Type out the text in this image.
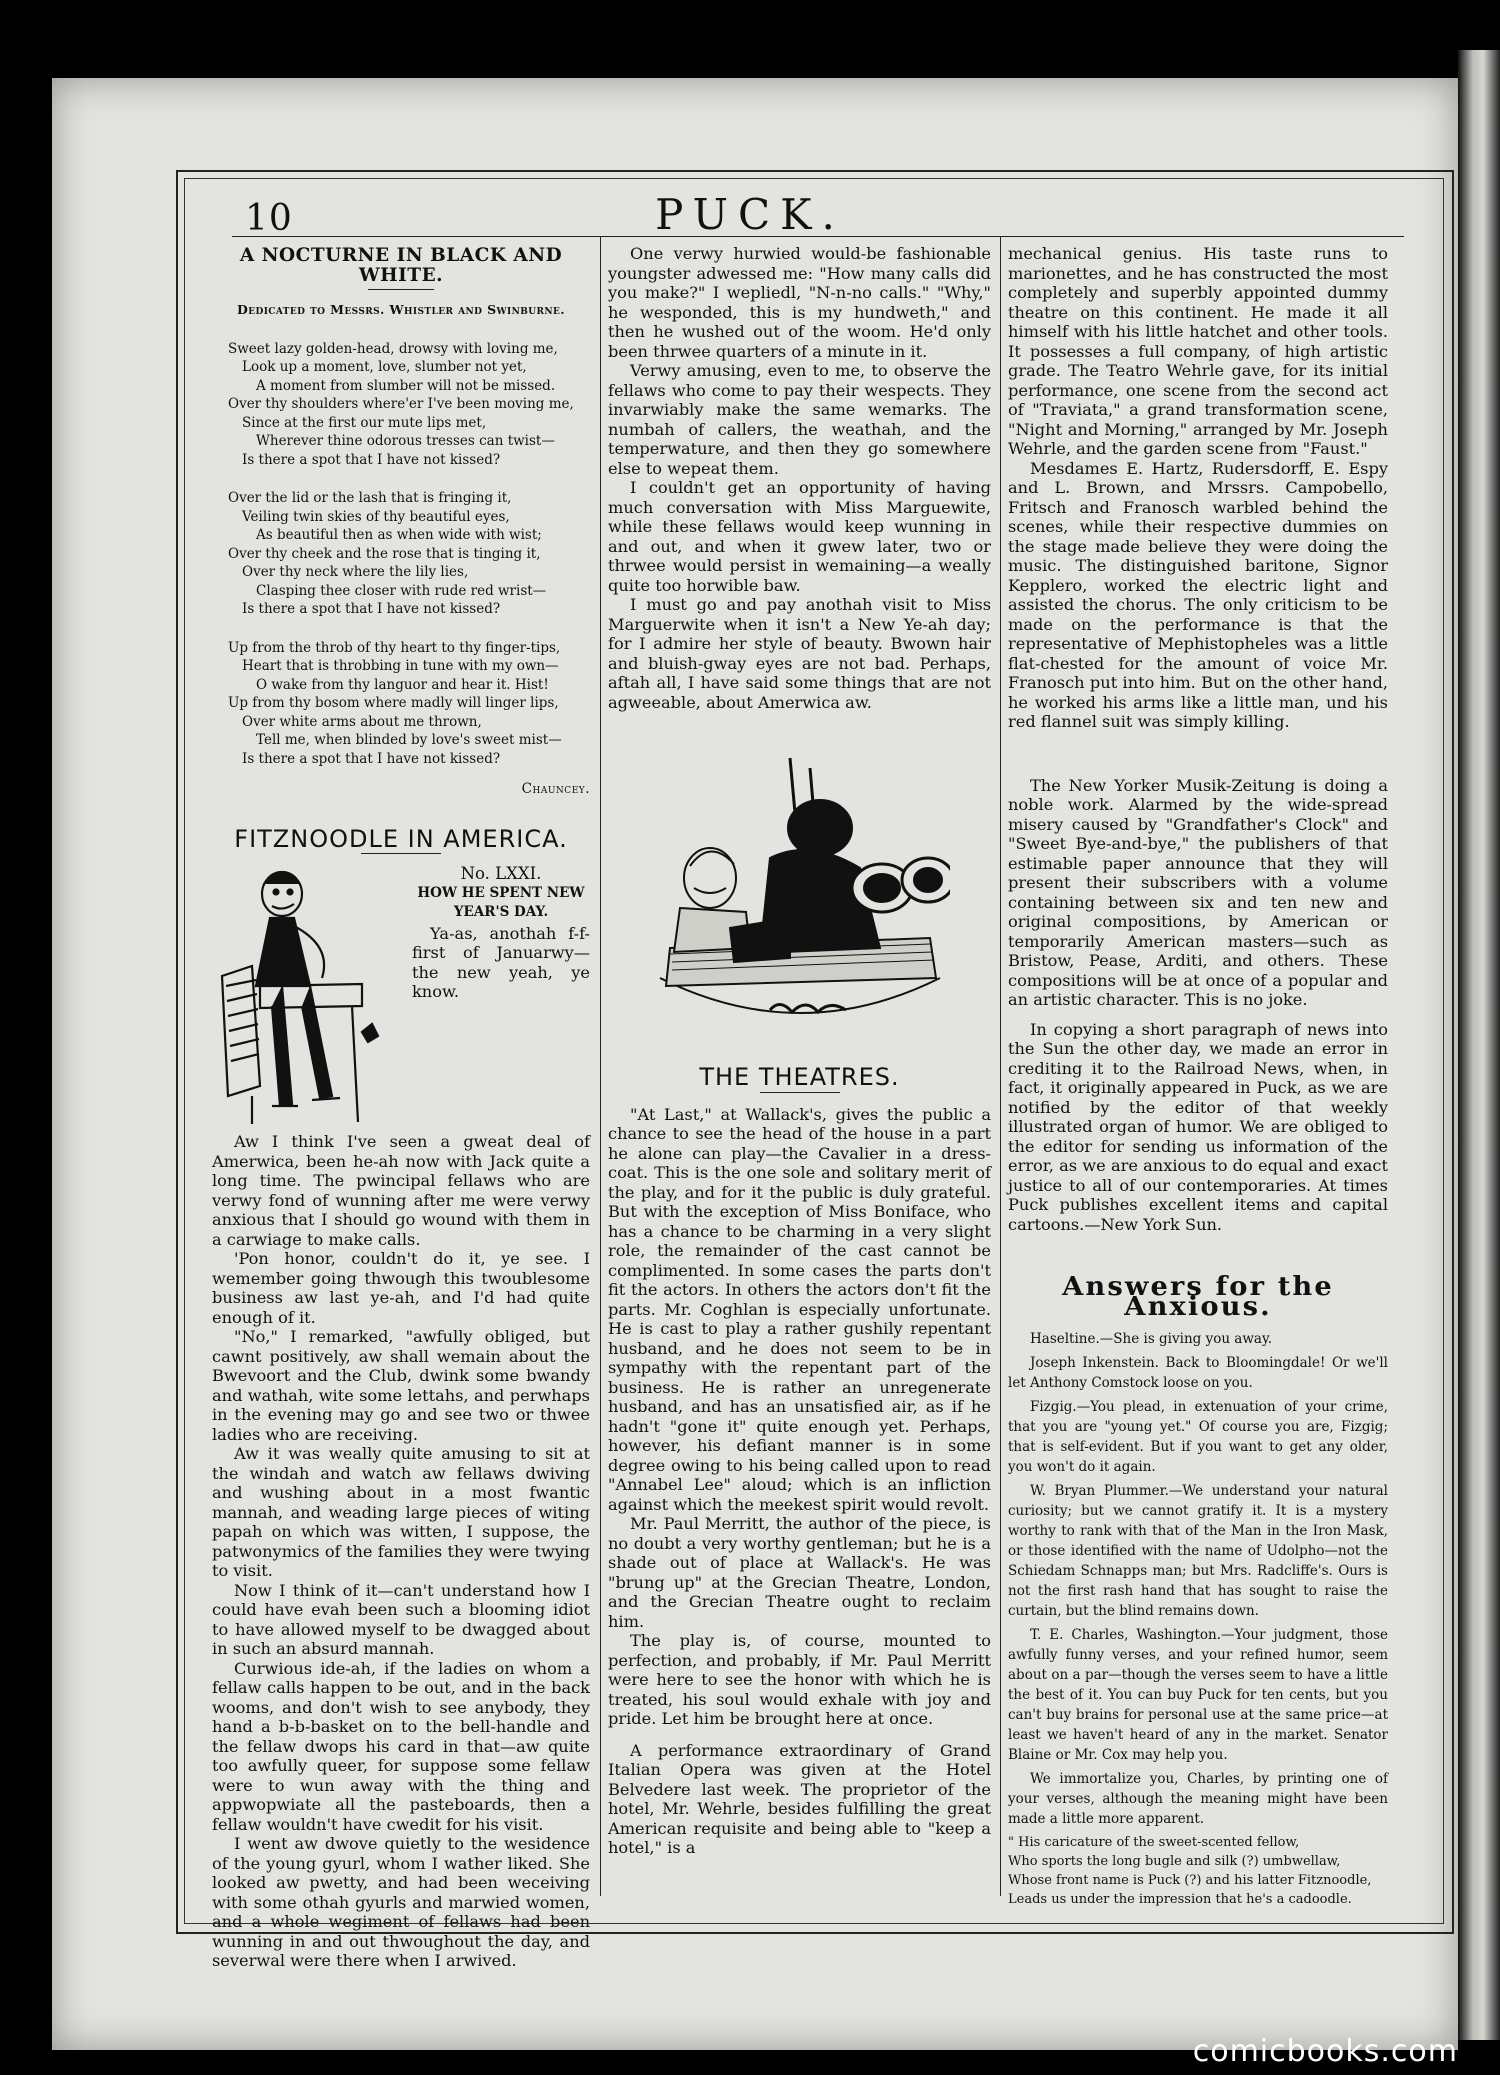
10	PUCK.
A NOCTURNE IN BLACK AND WHITE.
Dedicated to Messrs. Whistler and Swinburne.
Sweet lazy golden-head, drowsy with loving me,
Look up a moment, love, slumber not yet,
A moment from slumber will not be missed.
Over thy shoulders where'er I've been moving me,
Since at the first our mute lips met,
Wherever thine odorous tresses can twist—
Is there a spot that I have not kissed?
Over the lid or the lash that is fringing it,
Veiling twin skies of thy beautiful eyes,
As beautiful then as when wide with wist;
Over thy cheek and the rose that is tinging it,
Over thy neck where the lily lies,
Clasping thee closer with rude red wrist—
Is there a spot that I have not kissed?
Up from the throb of thy heart to thy finger-tips,
Heart that is throbbing in tune with my own—
O wake from thy languor and hear it. Hist!
Up from thy bosom where madly will linger lips,
Over white arms about me thrown,
Tell me, when blinded by love's sweet mist—
Is there a spot that I have not kissed?
Chauncey.
FITZNOODLE IN AMERICA.
No. LXXI.
HOW HE SPENT NEW YEAR'S DAY.

Ya-as, anothah f-f-first of Januarwy—the new yeah, ye know.

Aw I think I've seen a gweat deal of Amerwica, been he-ah now with Jack quite a long time. The pwincipal fellaws who are verwy fond of wunning after me were verwy anxious that I should go wound with them in a carwiage to make calls.

'Pon honor, couldn't do it, ye see. I wemember going thwough this twoublesome business aw last ye-ah, and I'd had quite enough of it.

"No," I remarked, "awfully obliged, but cawnt positively, aw shall wemain about the Bwevoort and the Club, dwink some bwandy and wathah, wite some lettahs, and perwhaps in the evening may go and see two or thwee ladies who are receiving.

Aw it was weally quite amusing to sit at the windah and watch aw fellaws dwiving and wushing about in a most fwantic mannah, and weading large pieces of witing papah on which was witten, I suppose, the patwonymics of the families they were twying to visit.

Now I think of it—can't understand how I could have evah been such a blooming idiot to have allowed myself to be dwagged about in such an absurd mannah.

Curwious ide-ah, if the ladies on whom a fellaw calls happen to be out, and in the back wooms, and don't wish to see anybody, they hand a b-b-basket on to the bell-handle and the fellaw dwops his card in that—aw quite too awfully queer, for suppose some fellaw were to wun away with the thing and appwopwiate all the pasteboards, then a fellaw wouldn't have cwedit for his visit.

I went aw dwove quietly to the wesidence of the young gyurl, whom I wather liked. She looked aw pwetty, and had been weceiving with some othah gyurls and marwied women, and a whole wegiment of fellaws had been wunning in and out thwoughout the day, and severwal were there when I arwived.

One verwy hurwied would-be fashionable youngster adwessed me: "How many calls did you make?" I wepliedl, "N-n-no calls." "Why," he wesponded, this is my hundweth," and then he wushed out of the woom. He'd only been thrwee quarters of a minute in it.

Verwy amusing, even to me, to observe the fellaws who come to pay their wespects. They invarwiably make the same wemarks. The numbah of callers, the weathah, and the temperwature, and then they go somewhere else to wepeat them.

I couldn't get an opportunity of having much conversation with Miss Marguewite, while these fellaws would keep wunning in and out, and when it gwew later, two or thrwee would persist in wemaining—a weally quite too horwible baw.

I must go and pay anothah visit to Miss Marguerwite when it isn't a New Ye-ah day; for I admire her style of beauty. Bwown hair and bluish-gway eyes are not bad. Perhaps, aftah all, I have said some things that are not agweeable, about Amerwica aw.

THE THEATRES.

"At Last," at Wallack's, gives the public a chance to see the head of the house in a part he alone can play—the Cavalier in a dress-coat. This is the one sole and solitary merit of the play, and for it the public is duly grateful. But with the exception of Miss Boniface, who has a chance to be charming in a very slight role, the remainder of the cast cannot be complimented. In some cases the parts don't fit the actors. In others the actors don't fit the parts. Mr. Coghlan is especially unfortunate. He is cast to play a rather gushily repentant husband, and he does not seem to be in sympathy with the repentant part of the business. He is rather an unregenerate husband, and has an unsatisfied air, as if he hadn't "gone it" quite enough yet. Perhaps, however, his defiant manner is in some degree owing to his being called upon to read "Annabel Lee" aloud; which is an infliction against which the meekest spirit would revolt.

Mr. Paul Merritt, the author of the piece, is no doubt a very worthy gentleman; but he is a shade out of place at Wallack's. He was "brung up" at the Grecian Theatre, London, and the Grecian Theatre ought to reclaim him.

The play is, of course, mounted to perfection, and probably, if Mr. Paul Merritt were here to see the honor with which he is treated, his soul would exhale with joy and pride. Let him be brought here at once.

A performance extraordinary of Grand Italian Opera was given at the Hotel Belvedere last week. The proprietor of the hotel, Mr. Wehrle, besides fulfilling the great American requisite and being able to "keep a hotel," is a

mechanical genius. His taste runs to marionettes, and he has constructed the most completely and superbly appointed dummy theatre on this continent. He made it all himself with his little hatchet and other tools. It possesses a full company, of high artistic grade. The Teatro Wehrle gave, for its initial performance, one scene from the second act of "Traviata," a grand transformation scene, "Night and Morning," arranged by Mr. Joseph Wehrle, and the garden scene from "Faust."

Mesdames E. Hartz, Rudersdorff, E. Espy and L. Brown, and Mrssrs. Campobello, Fritsch and Franosch warbled behind the scenes, while their respective dummies on the stage made believe they were doing the music. The distinguished baritone, Signor Kepplero, worked the electric light and assisted the chorus. The only criticism to be made on the performance is that the representative of Mephistopheles was a little flat-chested for the amount of voice Mr. Franosch put into him. But on the other hand, he worked his arms like a little man, und his red flannel suit was simply killing.

The New Yorker Musik-Zeitung is doing a noble work. Alarmed by the wide-spread misery caused by "Grandfather's Clock" and "Sweet Bye-and-bye," the publishers of that estimable paper announce that they will present their subscribers with a volume containing between six and ten new and original compositions, by American or temporarily American masters—such as Bristow, Pease, Arditi, and others. These compositions will be at once of a popular and an artistic character. This is no joke.

In copying a short paragraph of news into the Sun the other day, we made an error in crediting it to the Railroad News, when, in fact, it originally appeared in Puck, as we are notified by the editor of that weekly illustrated organ of humor. We are obliged to the editor for sending us information of the error, as we are anxious to do equal and exact justice to all of our contemporaries. At times Puck publishes excellent items and capital cartoons.—New York Sun.

Answers for the Anxious.

Haseltine.—She is giving you away.

Joseph Inkenstein. Back to Bloomingdale! Or we'll let Anthony Comstock loose on you.

Fizgig.—You plead, in extenuation of your crime, that you are "young yet." Of course you are, Fizgig; that is self-evident. But if you want to get any older, you won't do it again.

W. Bryan Plummer.—We understand your natural curiosity; but we cannot gratify it. It is a mystery worthy to rank with that of the Man in the Iron Mask, or those identified with the name of Udolpho—not the Schiedam Schnapps man; but Mrs. Radcliffe's. Ours is not the first rash hand that has sought to raise the curtain, but the blind remains down.

T. E. Charles, Washington.—Your judgment, those awfully funny verses, and your refined humor, seem about on a par—though the verses seem to have a little the best of it. You can buy Puck for ten cents, but you can't buy brains for personal use at the same price—at least we haven't heard of any in the market. Senator Blaine or Mr. Cox may help you.

We immortalize you, Charles, by printing one of your verses, although the meaning might have been made a little more apparent.

" His caricature of the sweet-scented fellow,
Who sports the long bugle and silk (?) umbwellaw,
Whose front name is Puck (?) and his latter Fitznoodle,
Leads us under the impression that he's a cadoodle.
comicbooks.com
